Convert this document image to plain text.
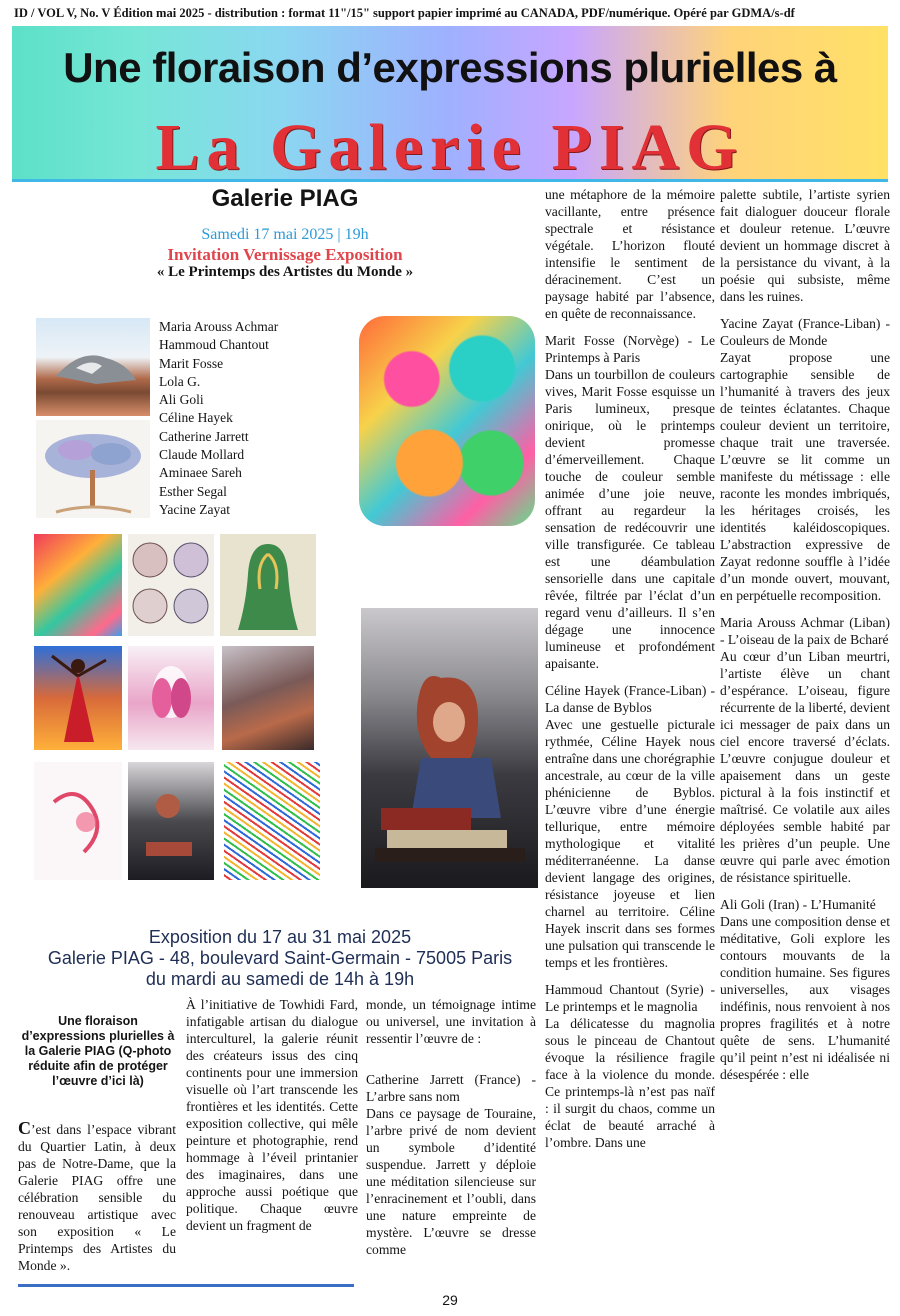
ID / VOL V, No. V Édition mai 2025 - distribution : format 11"/15" support papier imprimé au CANADA, PDF/numérique. Opéré par GDMA/s-df
Une floraison d’expressions plurielles à
La Galerie PIAG
Galerie PIAG
Samedi 17 mai 2025 | 19h
Invitation Vernissage Exposition
« Le Printemps des Artistes du Monde »
Maria Arouss Achmar
Hammoud Chantout
Marit Fosse
Lola G.
Ali Goli
Céline Hayek
Catherine Jarrett
Claude Mollard
Aminaee Sareh
Esther Segal
Yacine Zayat
Exposition du 17 au 31 mai 2025
Galerie PIAG - 48, boulevard Saint-Germain - 75005 Paris
du mardi au samedi de 14h à 19h
Une floraison d’expressions plurielles à la Galerie PIAG (Q-photo réduite afin de protéger l’œuvre d’ici là)

C’est dans l’espace vibrant du Quartier Latin, à deux pas de Notre-Dame, que la Galerie PIAG offre une célébration sensible du renouveau artistique avec son exposition « Le Printemps des Artistes du Monde ».

À l’initiative de Towhidi Fard, infatigable artisan du dialogue interculturel, la galerie réunit des créateurs issus des cinq continents pour une immersion visuelle où l’art transcende les frontières et les identités. Cette exposition collective, qui mêle peinture et photographie, rend hommage à l’éveil printanier des imaginaires, dans une approche aussi poétique que politique. Chaque œuvre devient un fragment de

monde, un témoignage intime ou universel, une invitation à ressentir l’œuvre de :

Catherine Jarrett (France) - L’arbre sans nom
Dans ce paysage de Touraine, l’arbre privé de nom devient un symbole d’identité suspendue. Jarrett y déploie une méditation silencieuse sur l’enracinement et l’oubli, dans une nature empreinte de mystère. L’œuvre se dresse comme

une métaphore de la mémoire vacillante, entre présence spectrale et résistance végétale. L’horizon flouté intensifie le sentiment de déracinement. C’est un paysage habité par l’absence, en quête de reconnaissance.

Marit Fosse (Norvège) - Le Printemps à Paris
Dans un tourbillon de couleurs vives, Marit Fosse esquisse un Paris lumineux, presque onirique, où le printemps devient promesse d’émerveillement. Chaque touche de couleur semble animée d’une joie neuve, offrant au regardeur la sensation de redécouvrir une ville transfigurée. Ce tableau est une déambulation sensorielle dans une capitale rêvée, filtrée par l’éclat d’un regard venu d’ailleurs. Il s’en dégage une innocence lumineuse et profondément apaisante.

Céline Hayek (France-Liban) - La danse de Byblos
Avec une gestuelle picturale rythmée, Céline Hayek nous entraîne dans une chorégraphie ancestrale, au cœur de la ville phénicienne de Byblos. L’œuvre vibre d’une énergie tellurique, entre mémoire mythologique et vitalité méditerranéenne. La danse devient langage des origines, résistance joyeuse et lien charnel au territoire. Céline Hayek inscrit dans ses formes une pulsation qui transcende le temps et les frontières.

Hammoud Chantout (Syrie) - Le printemps et le magnolia
La délicatesse du magnolia sous le pinceau de Chantout évoque la résilience fragile face à la violence du monde. Ce printemps-là n’est pas naïf : il surgit du chaos, comme un éclat de beauté arraché à l’ombre. Dans une

palette subtile, l’artiste syrien fait dialoguer douceur florale et douleur retenue. L’œuvre devient un hommage discret à la persistance du vivant, à la poésie qui subsiste, même dans les ruines.

Yacine Zayat (France-Liban) - Couleurs de Monde
Zayat propose une cartographie sensible de l’humanité à travers des jeux de teintes éclatantes. Chaque couleur devient un territoire, chaque trait une traversée. L’œuvre se lit comme un manifeste du métissage : elle raconte les mondes imbriqués, les héritages croisés, les identités kaléidoscopiques. L’abstraction expressive de Zayat redonne souffle à l’idée d’un monde ouvert, mouvant, en perpétuelle recomposition.

Maria Arouss Achmar (Liban) - L’oiseau de la paix de Bcharé
Au cœur d’un Liban meurtri, l’artiste élève un chant d’espérance. L’oiseau, figure récurrente de la liberté, devient ici messager de paix dans un ciel encore traversé d’éclats. L’œuvre conjugue douleur et apaisement dans un geste pictural à la fois instinctif et maîtrisé. Ce volatile aux ailes déployées semble habité par les prières d’un peuple. Une œuvre qui parle avec émotion de résistance spirituelle.

Ali Goli (Iran) - L’Humanité
Dans une composition dense et méditative, Goli explore les contours mouvants de la condition humaine. Ses figures universelles, aux visages indéfinis, nous renvoient à nos propres fragilités et à notre quête de sens. L’humanité qu’il peint n’est ni idéalisée ni désespérée : elle

29
